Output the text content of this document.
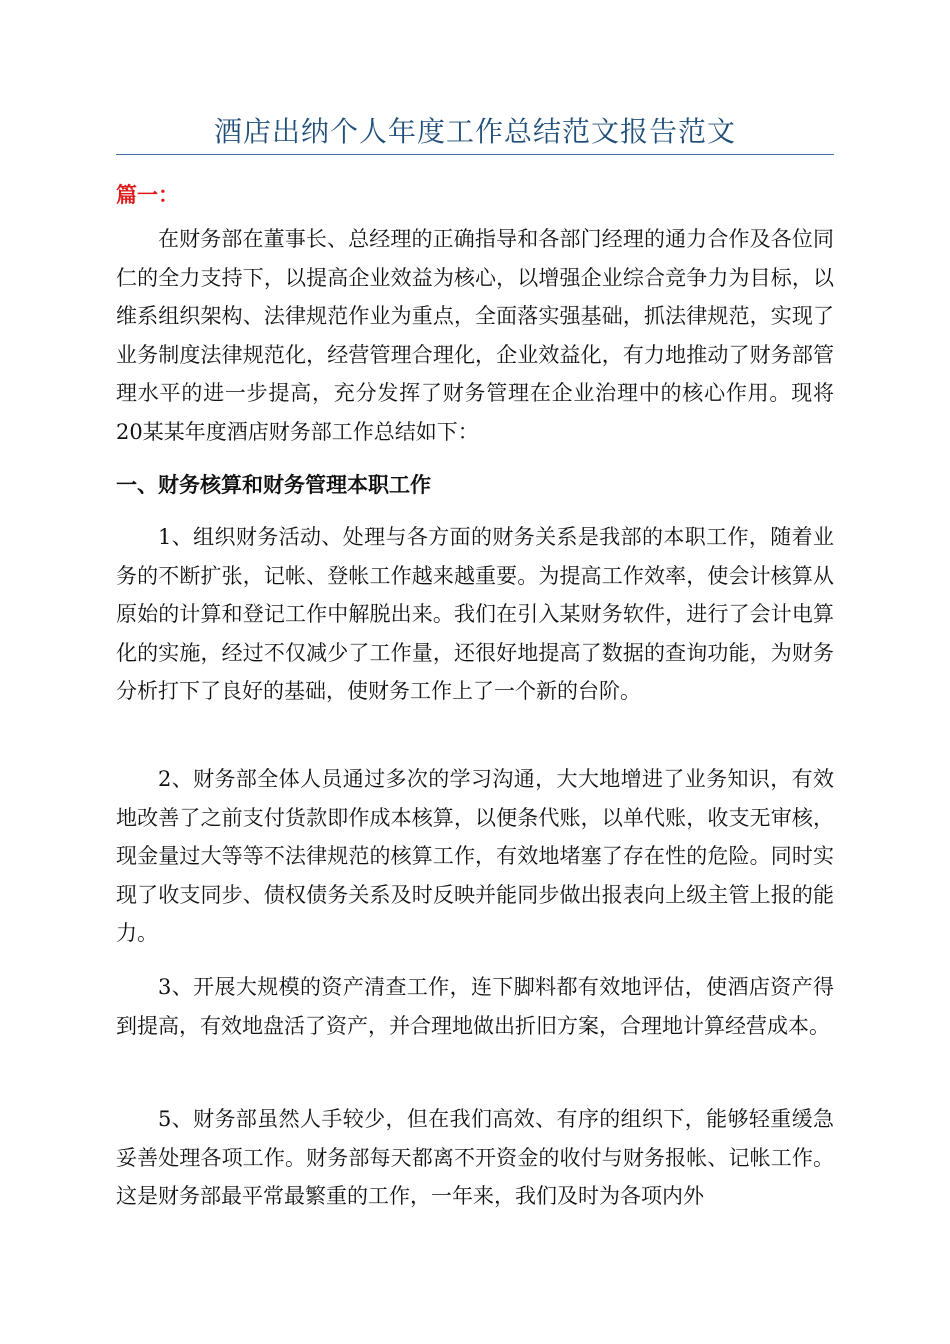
酒店出纳个人年度工作总结范文报告范文

篇一：

在财务部在董事长、总经理的正确指导和各部门经理的通力合作及各位同仁的全力支持下，以提高企业效益为核心，以增强企业综合竞争力为目标，以维系组织架构、法律规范作业为重点，全面落实强基础，抓法律规范，实现了业务制度法律规范化，经营管理合理化，企业效益化，有力地推动了财务部管理水平的进一步提高，充分发挥了财务管理在企业治理中的核心作用。现将20某某年度酒店财务部工作总结如下：

一、财务核算和财务管理本职工作

1、组织财务活动、处理与各方面的财务关系是我部的本职工作，随着业务的不断扩张，记帐、登帐工作越来越重要。为提高工作效率，使会计核算从原始的计算和登记工作中解脱出来。我们在引入某财务软件，进行了会计电算化的实施，经过不仅减少了工作量，还很好地提高了数据的查询功能，为财务分析打下了良好的基础，使财务工作上了一个新的台阶。

2、财务部全体人员通过多次的学习沟通，大大地增进了业务知识，有效地改善了之前支付货款即作成本核算，以便条代账，以单代账，收支无审核，现金量过大等等不法律规范的核算工作，有效地堵塞了存在性的危险。同时实现了收支同步、债权债务关系及时反映并能同步做出报表向上级主管上报的能力。

3、开展大规模的资产清查工作，连下脚料都有效地评估，使酒店资产得到提高，有效地盘活了资产，并合理地做出折旧方案，合理地计算经营成本。

5、财务部虽然人手较少，但在我们高效、有序的组织下，能够轻重缓急妥善处理各项工作。财务部每天都离不开资金的收付与财务报帐、记帐工作。这是财务部最平常最繁重的工作，一年来，我们及时为各项内外
